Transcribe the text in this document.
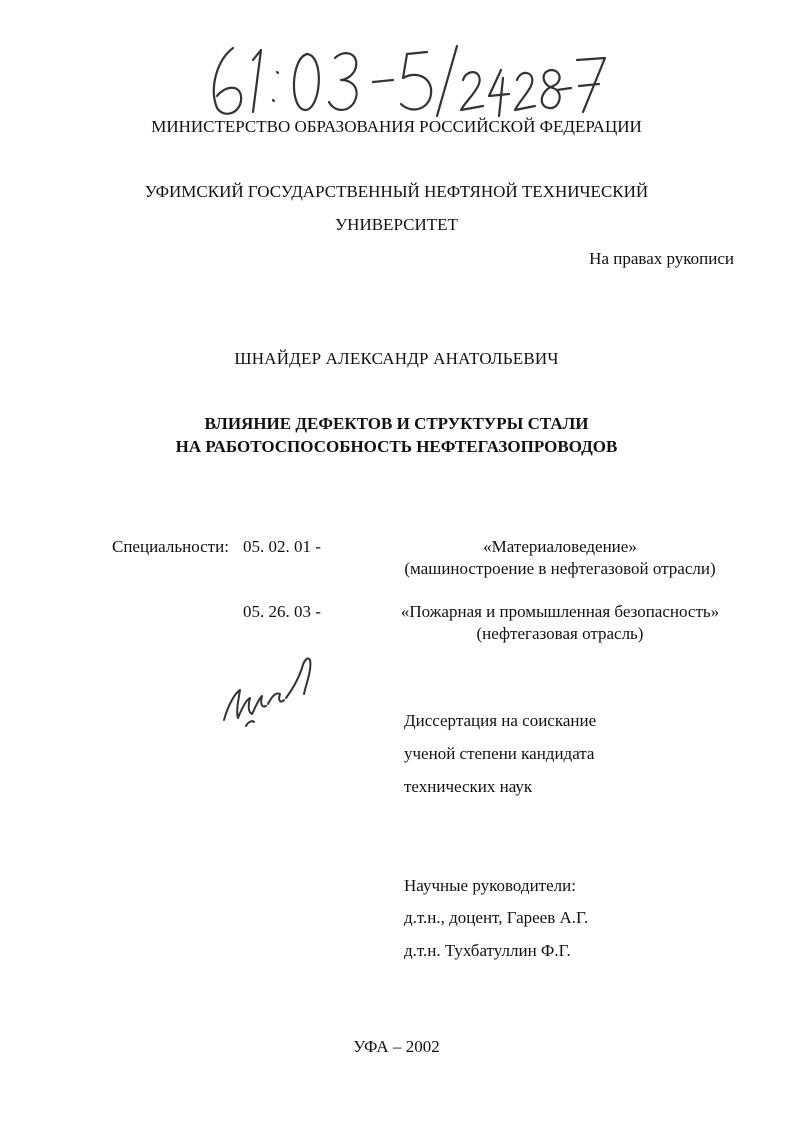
МИНИСТЕРСТВО ОБРАЗОВАНИЯ РОССИЙСКОЙ ФЕДЕРАЦИИ
УФИМСКИЙ ГОСУДАРСТВЕННЫЙ НЕФТЯНОЙ ТЕХНИЧЕСКИЙ
УНИВЕРСИТЕТ
На правах рукописи
ШНАЙДЕР АЛЕКСАНДР АНАТОЛЬЕВИЧ
ВЛИЯНИЕ ДЕФЕКТОВ И СТРУКТУРЫ СТАЛИ
НА РАБОТОСПОСОБНОСТЬ НЕФТЕГАЗОПРОВОДОВ
Специальности: 05. 02. 01 -	«Материаловедение»
(машиностроение в нефтегазовой отрасли)
05. 26. 03 -	«Пожарная и промышленная безопасность»
(нефтегазовая отрасль)
Диссертация на соискание
ученой степени кандидата
технических наук
Научные руководители:
д.т.н., доцент, Гареев А.Г.
д.т.н. Тухбатуллин Ф.Г.
УФА – 2002
